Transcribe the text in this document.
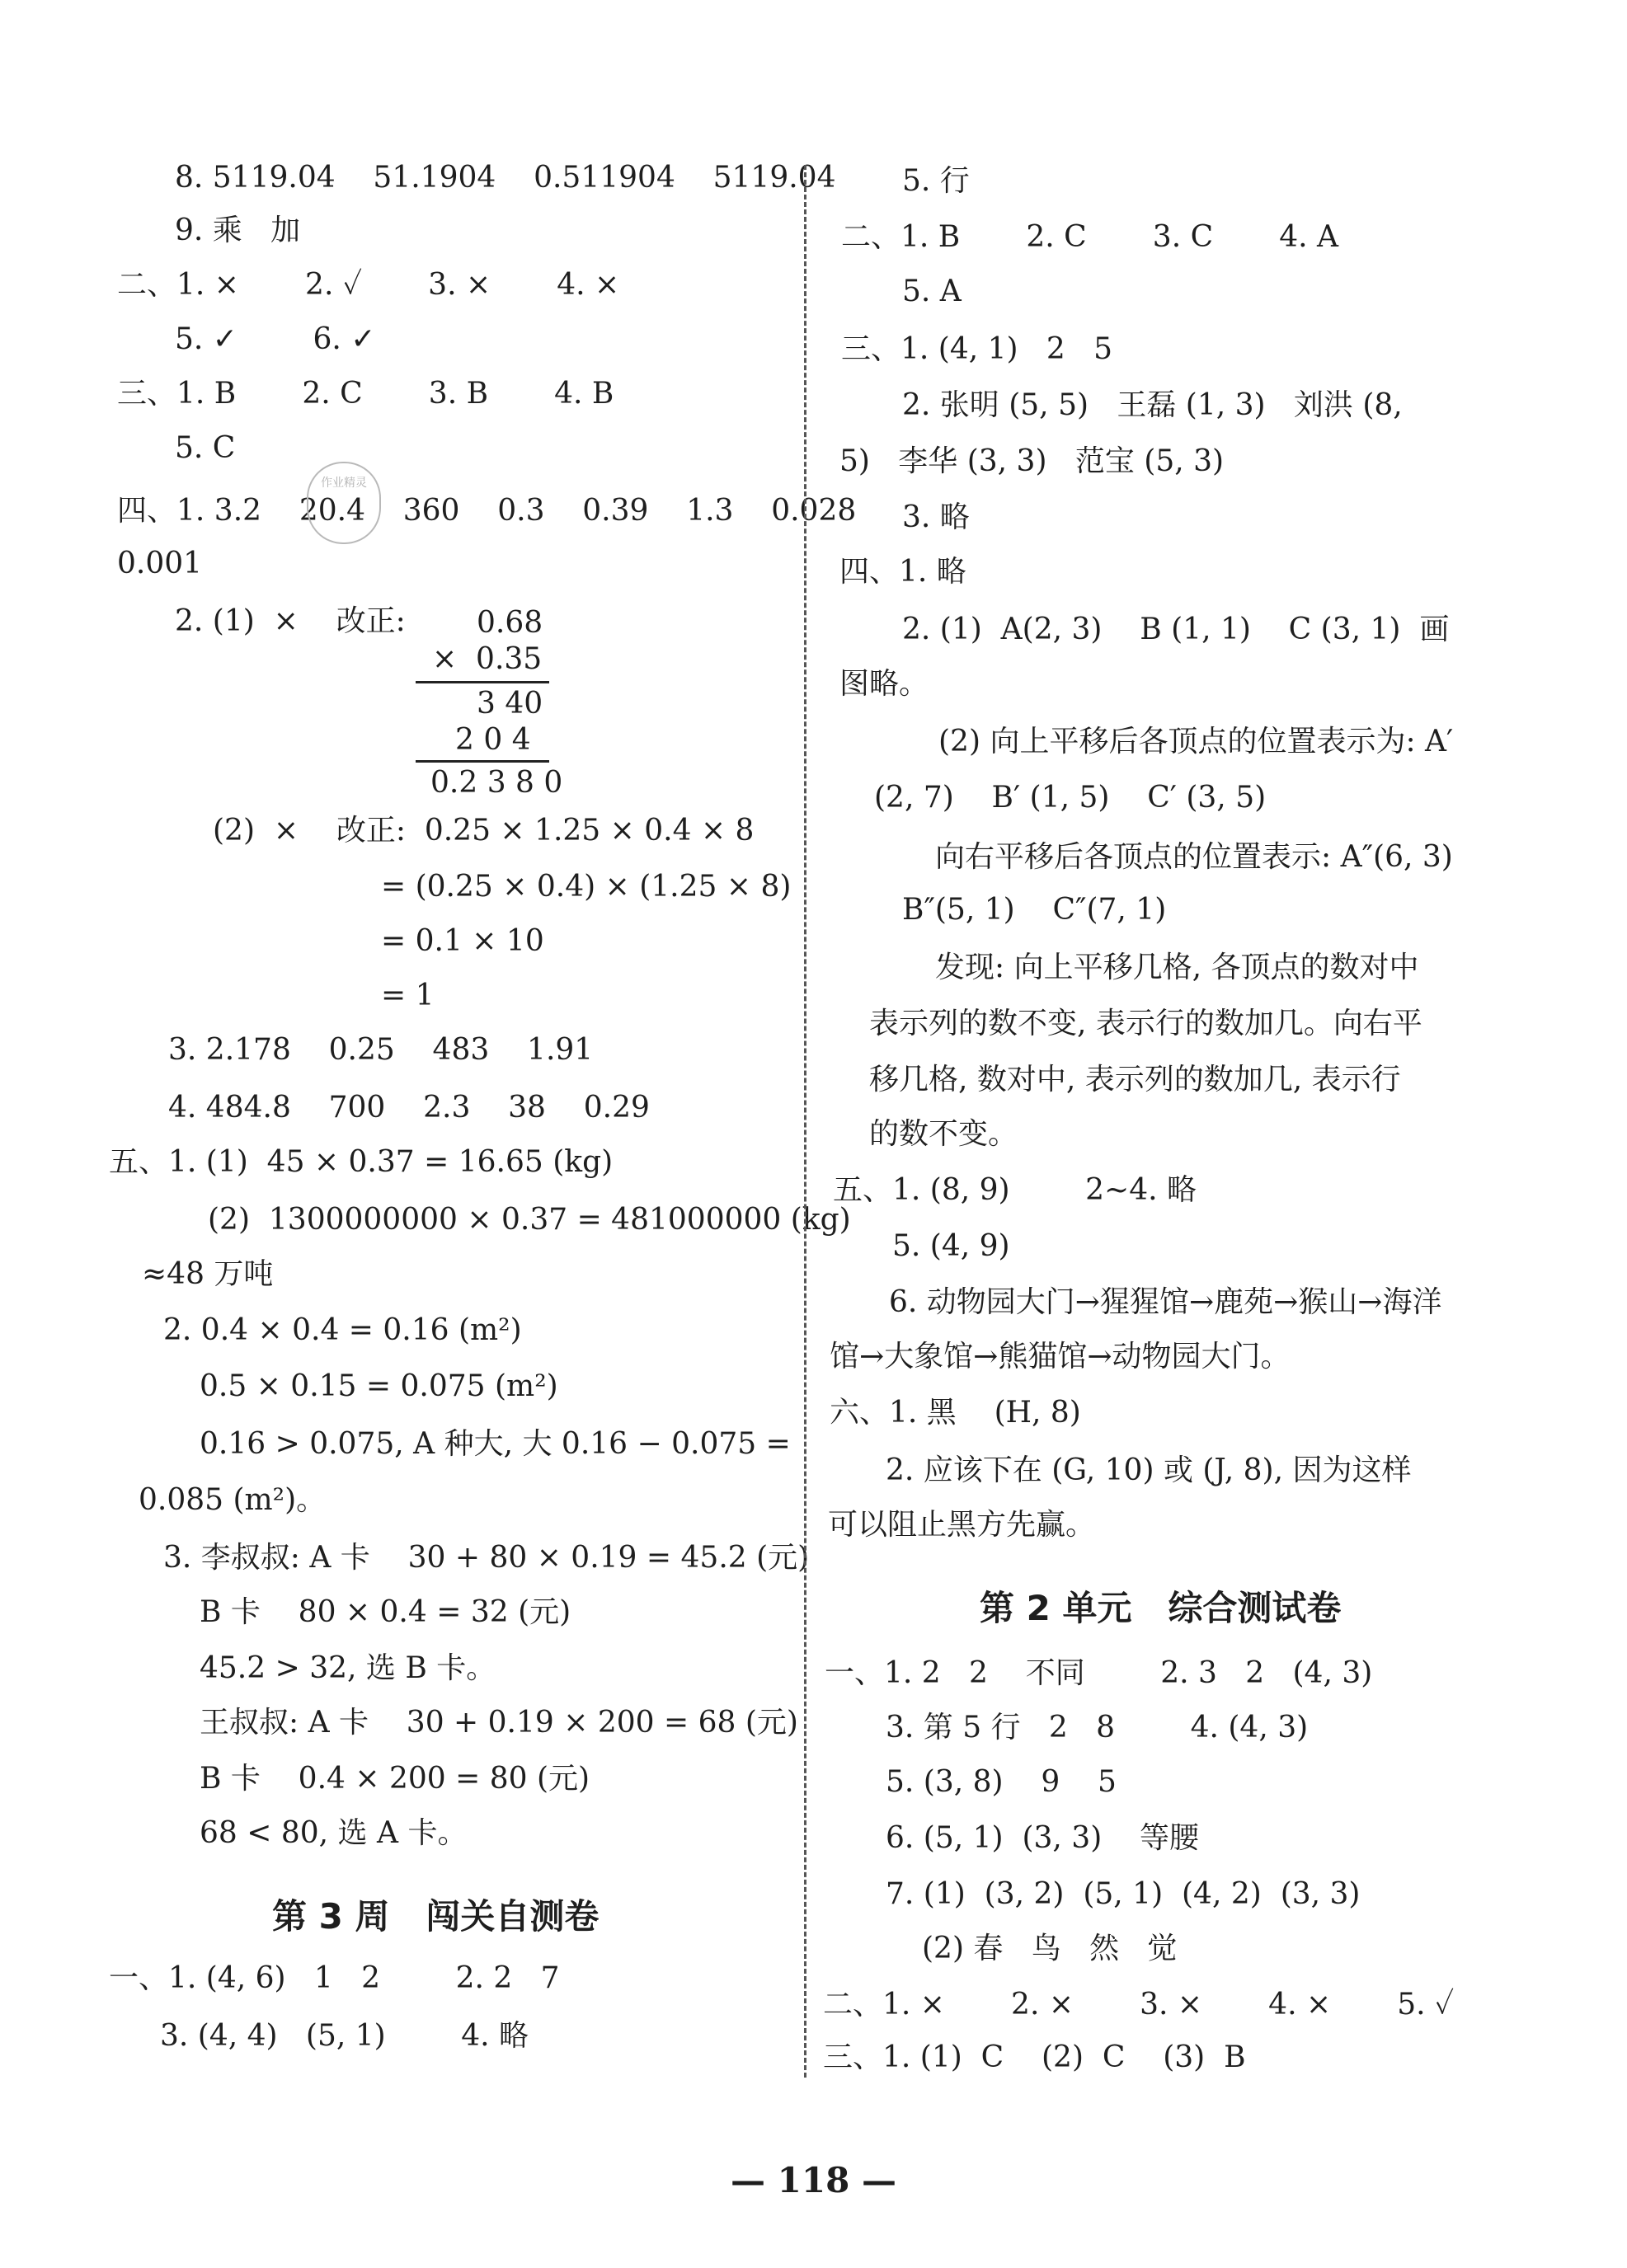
8. 5119.04    51.1904    0.511904    5119.04
9. 乘   加
二、1. ×       2. ✓       3. ×       4. ×
5. ✓        6. ✓
三、1. B       2. C       3. B       4. B
5. C
四、1. 3.2    20.4    360    0.3    0.39    1.3    0.028
0.001
作业精灵
2. (1)  ×    改正: 0.68
×  0.35
3 40
2 0 4
0.2 3 8 0
(2)  ×    改正:  0.25 × 1.25 × 0.4 × 8
= (0.25 × 0.4) × (1.25 × 8)
= 0.1 × 10
= 1
3. 2.178    0.25    483    1.91
4. 484.8    700    2.3    38    0.29
五、1. (1)  45 × 0.37 = 16.65 (kg)
(2)  1300000000 × 0.37 = 481000000 (kg)
≈48 万吨
2. 0.4 × 0.4 = 0.16 (m²)
0.5 × 0.15 = 0.075 (m²)
0.16 > 0.075, A 种大, 大 0.16 − 0.075 =
0.085 (m²)。
3. 李叔叔: A 卡    30 + 80 × 0.19 = 45.2 (元)
B 卡    80 × 0.4 = 32 (元)
45.2 > 32, 选 B 卡。
王叔叔: A 卡    30 + 0.19 × 200 = 68 (元)
B 卡    0.4 × 200 = 80 (元)
68 < 80, 选 A 卡。
第 3 周   闯关自测卷
一、1. (4, 6)   1   2        2. 2   7
3. (4, 4)   (5, 1)        4. 略
5. 行
二、1. B       2. C       3. C       4. A
5. A
三、1. (4, 1)   2   5
2. 张明 (5, 5)   王磊 (1, 3)   刘洪 (8,
5)   李华 (3, 3)   范宝 (5, 3)
3. 略
四、1. 略
2. (1)  A(2, 3)    B (1, 1)    C (3, 1)  画
图略。
(2) 向上平移后各顶点的位置表示为: A′
(2, 7)    B′ (1, 5)    C′ (3, 5)
向右平移后各顶点的位置表示: A″(6, 3)
B″(5, 1)    C″(7, 1)
发现: 向上平移几格, 各顶点的数对中
表示列的数不变, 表示行的数加几。向右平
移几格, 数对中, 表示列的数加几, 表示行
的数不变。
五、1. (8, 9)        2~4. 略
5. (4, 9)
6. 动物园大门→猩猩馆→鹿苑→猴山→海洋
馆→大象馆→熊猫馆→动物园大门。
六、1. 黑    (H, 8)
2. 应该下在 (G, 10) 或 (J, 8), 因为这样
可以阻止黑方先赢。
第 2 单元   综合测试卷
一、1. 2   2    不同        2. 3   2   (4, 3)
3. 第 5 行   2   8        4. (4, 3)
5. (3, 8)    9    5
6. (5, 1)  (3, 3)    等腰
7. (1)  (3, 2)  (5, 1)  (4, 2)  (3, 3)
(2) 春   鸟   然   觉
二、1. ×       2. ×       3. ×       4. ×       5. ✓
三、1. (1)  C    (2)  C    (3)  B
— 118 —
